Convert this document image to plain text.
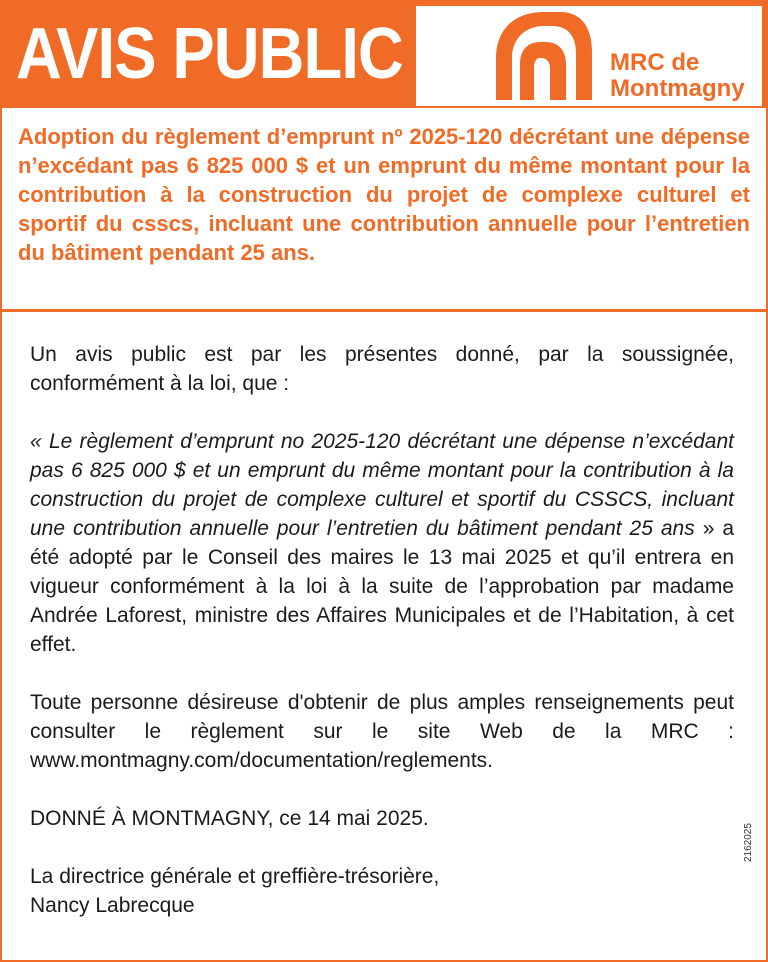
AVIS PUBLIC	MRC de
Montmagny

Adoption du règlement d’emprunt nº 2025-120 décrétant une dépense n’excédant pas 6 825 000 $ et un emprunt du même montant pour la contribution à la construction du projet de complexe culturel et sportif du csscs, incluant une contribution annuelle pour l’entretien du bâtiment pendant 25 ans.

Un avis public est par les présentes donné, par la soussignée, conformément à la loi, que :

« Le règlement d’emprunt no 2025-120 décrétant une dépense n’excédant pas 6 825 000 $ et un emprunt du même montant pour la contribution à la construction du projet de complexe culturel et sportif du CSSCS, incluant une contribution annuelle pour l’entretien du bâtiment pendant 25 ans » a été adopté par le Conseil des maires le 13 mai 2025 et qu’il entrera en vigueur conformément à la loi à la suite de l’approbation par madame Andrée Laforest, ministre des Affaires Municipales et de l’Habitation, à cet effet.

Toute personne désireuse d'obtenir de plus amples renseignements peut consulter le règlement sur le site Web de la MRC : www.montmagny.com/documentation/reglements.

DONNÉ À MONTMAGNY, ce 14 mai 2025.

La directrice générale et greffière-trésorière,

Nancy Labrecque

2162025
